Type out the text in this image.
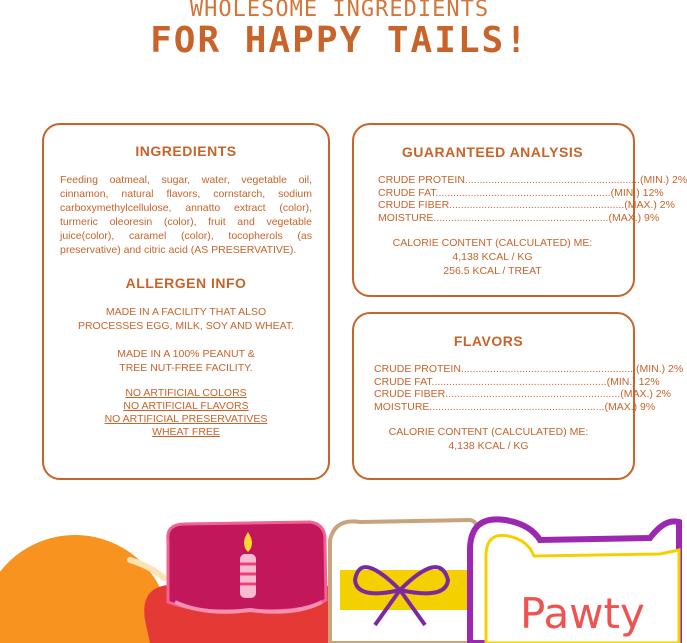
WHOLESOME INGREDIENTS
FOR HAPPY TAILS!
INGREDIENTS
Feeding oatmeal, sugar, water, vegetable oil, cinnamon, natural flavors, cornstarch, sodium carboxymethylcellulose, annatto extract (color), turmeric oleoresin (color), fruit and vegetable juice(color), caramel (color), tocopherols (as preservative) and citric acid (AS PRESERVATIVE).
ALLERGEN INFO
MADE IN A FACILITY THAT ALSO PROCESSES EGG, MILK, SOY AND WHEAT.
MADE IN A 100% PEANUT & TREE NUT-FREE FACILITY.
NO ARTIFICIAL COLORS
NO ARTIFICIAL FLAVORS
NO ARTIFICIAL PRESERVATIVES
WHEAT FREE
GUARANTEED ANALYSIS
CRUDE PROTEIN............................................................ (MIN.) 2%
CRUDE FAT............................................................ (MIN.) 12%
CRUDE FIBER............................................................ (MAX.) 2%
MOISTURE............................................................ (MAX.) 9%
CALORIE CONTENT (CALCULATED) ME:
4,138 KCAL / KG
256.5 KCAL / TREAT
FLAVORS
CRUDE PROTEIN............................................................ (MIN.) 2%
CRUDE FAT............................................................ (MIN.) 12%
CRUDE FIBER............................................................ (MAX.) 2%
MOISTURE............................................................ (MAX.) 9%
CALORIE CONTENT (CALCULATED) ME:
4,138 KCAL / KG
Pawty
